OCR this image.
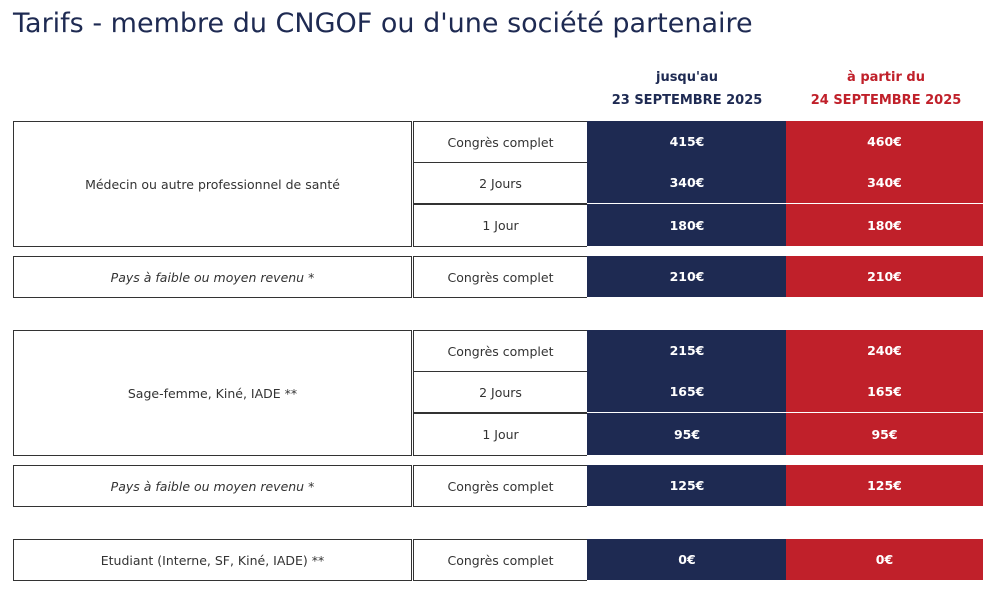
Tarifs - membre du CNGOF ou d'une société partenaire
jusqu'au
23 SEPTEMBRE 2025
à partir du
24 SEPTEMBRE 2025
Médecin ou autre professionnel de santé
Congrès complet	415€	460€
2 Jours	340€	340€
1 Jour	180€	180€
Pays à faible ou moyen revenu *	Congrès complet	210€	210€
Sage-femme, Kiné, IADE **
Congrès complet	215€	240€
2 Jours	165€	165€
1 Jour	95€	95€
Pays à faible ou moyen revenu *	Congrès complet	125€	125€
Etudiant (Interne, SF, Kiné, IADE) **	Congrès complet	0€	0€
